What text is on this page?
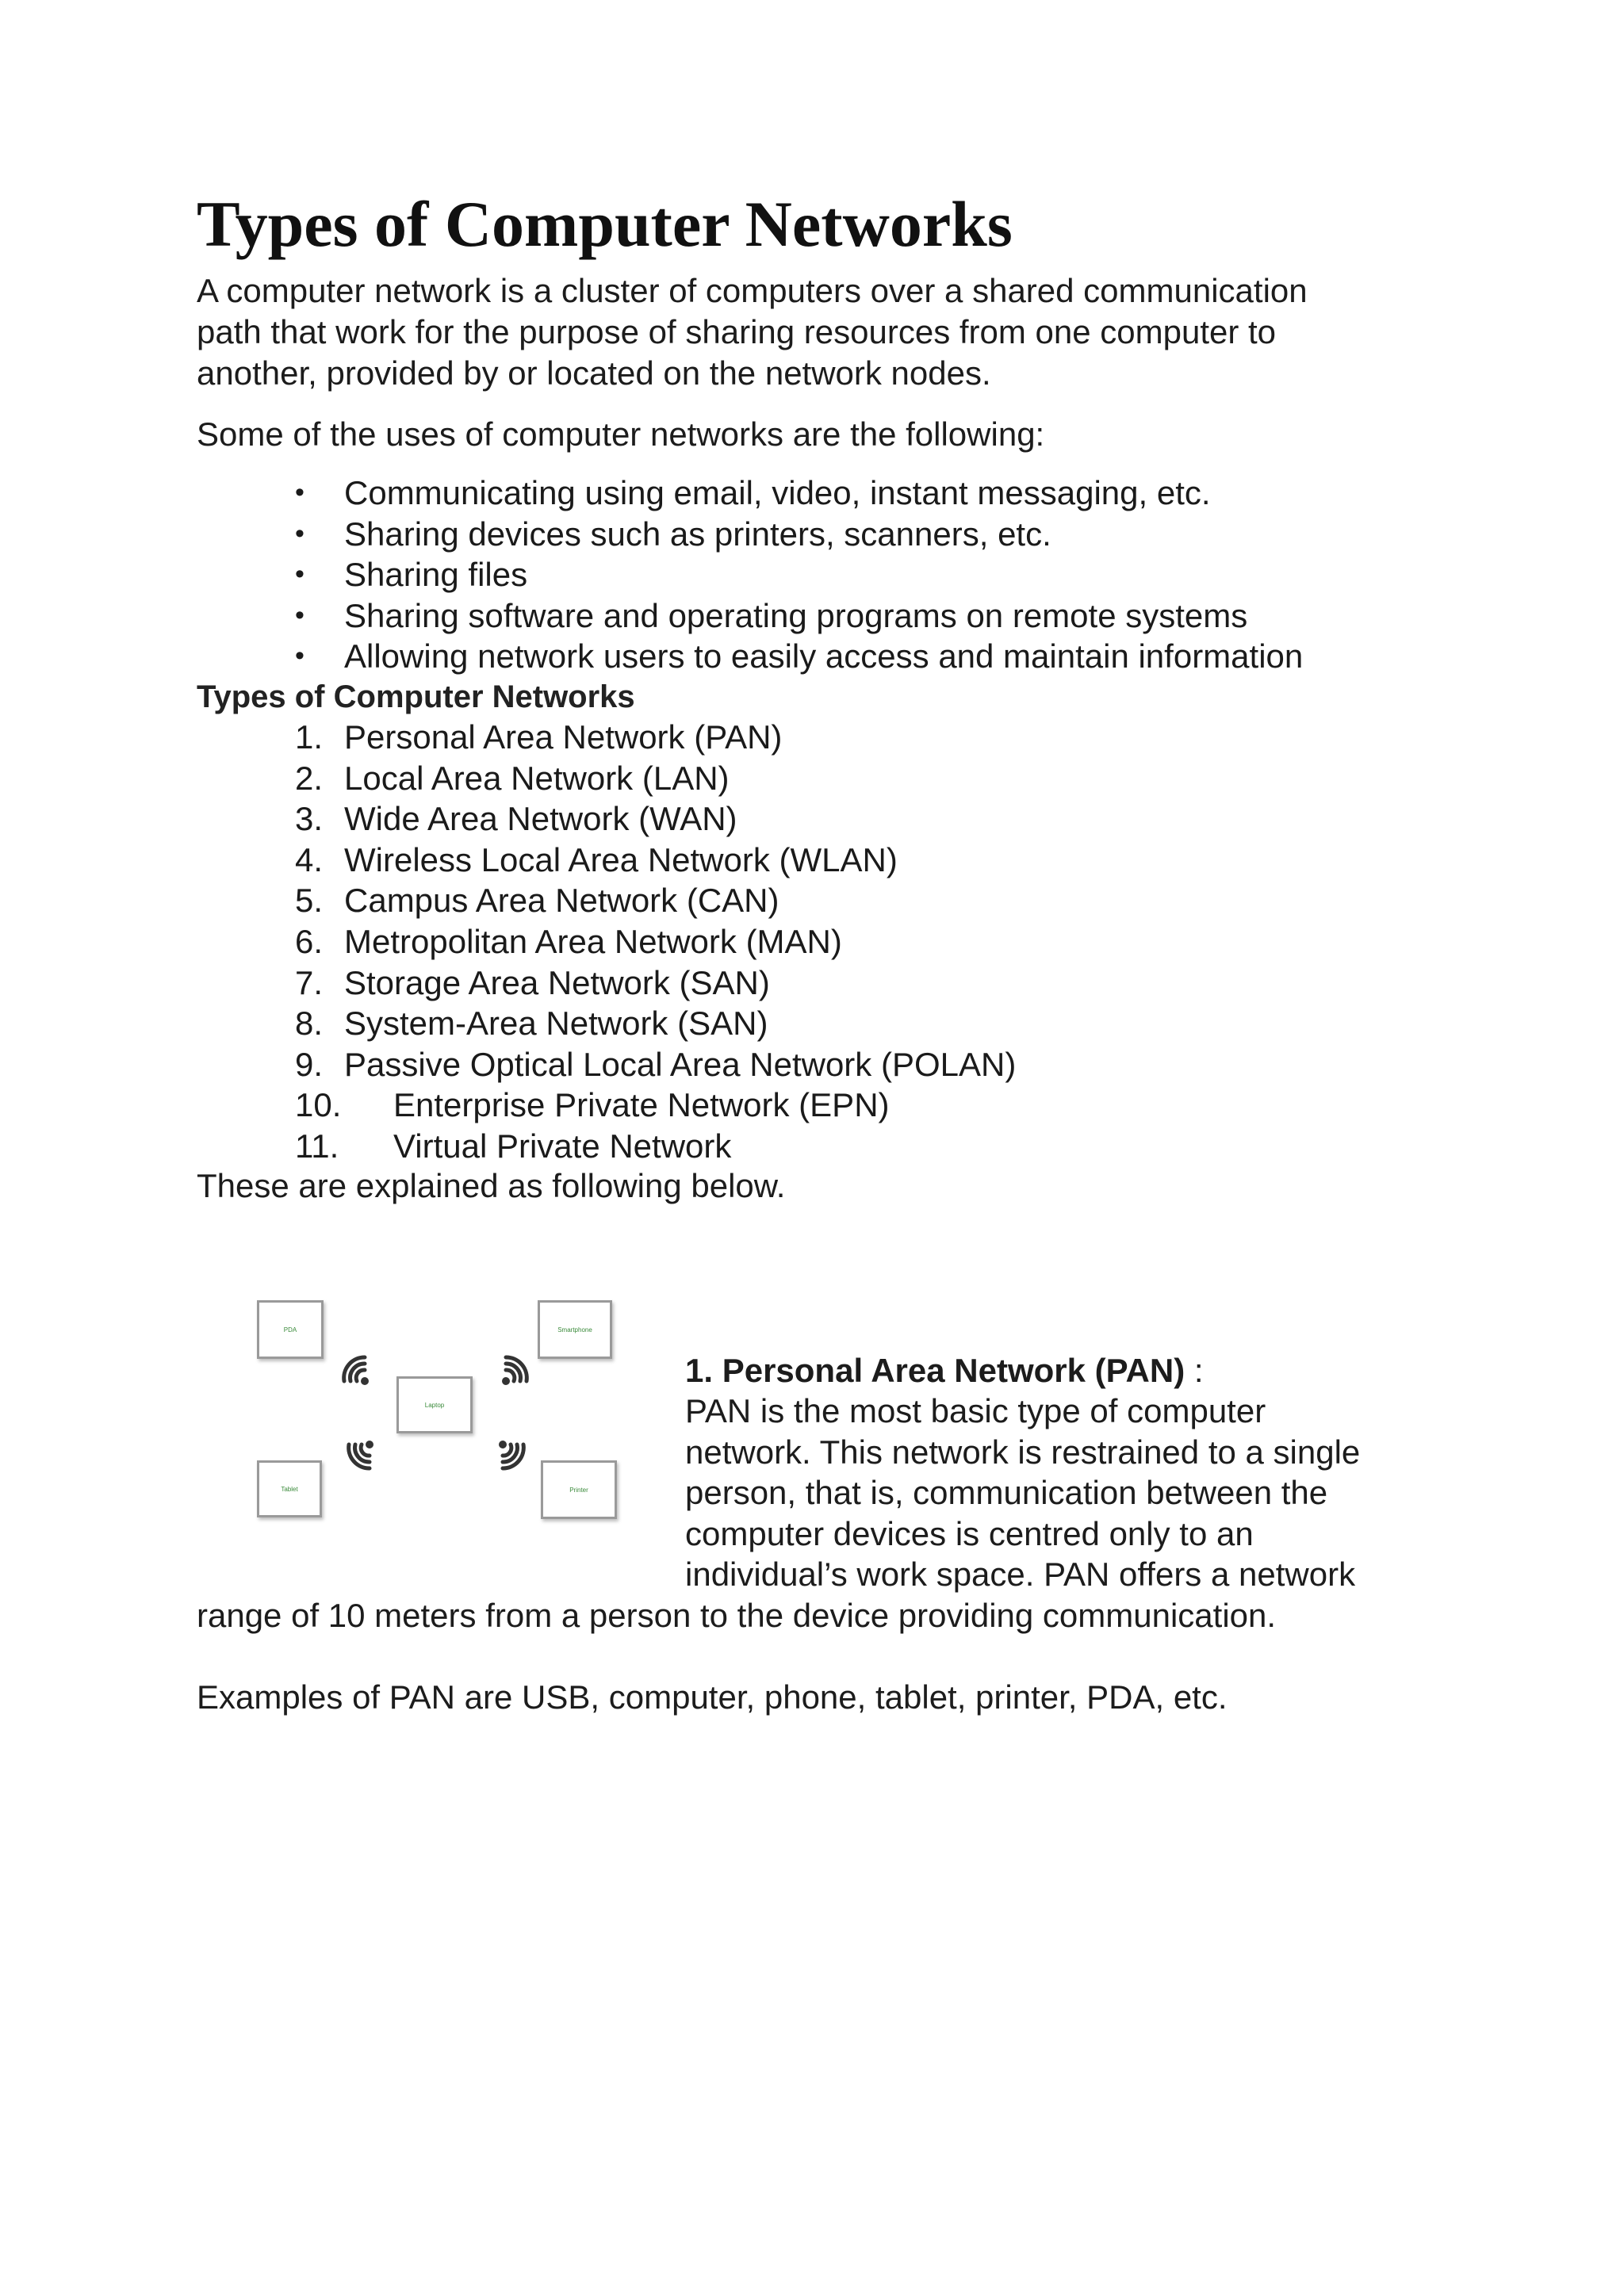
Types of Computer Networks

A computer network is a cluster of computers over a shared communication

path that work for the purpose of sharing resources from one computer to

another, provided by or located on the network nodes.

Some of the uses of computer networks are the following:

• Communicating using email, video, instant messaging, etc.
• Sharing devices such as printers, scanners, etc.
• Sharing files
• Sharing software and operating programs on remote systems
• Allowing network users to easily access and maintain information

Types of Computer Networks

1. Personal Area Network (PAN)
2. Local Area Network (LAN)
3. Wide Area Network (WAN)
4. Wireless Local Area Network (WLAN)
5. Campus Area Network (CAN)
6. Metropolitan Area Network (MAN)
7. Storage Area Network (SAN)
8. System-Area Network (SAN)
9. Passive Optical Local Area Network (POLAN)
10. Enterprise Private Network (EPN)
11. Virtual Private Network

These are explained as following below.

PDA	Smartphone
Laptop
Tablet	Printer

1. Personal Area Network (PAN) :

PAN is the most basic type of computer

network. This network is restrained to a single

person, that is, communication between the

computer devices is centred only to an

individual’s work space. PAN offers a network

range of 10 meters from a person to the device providing communication.

Examples of PAN are USB, computer, phone, tablet, printer, PDA, etc.
